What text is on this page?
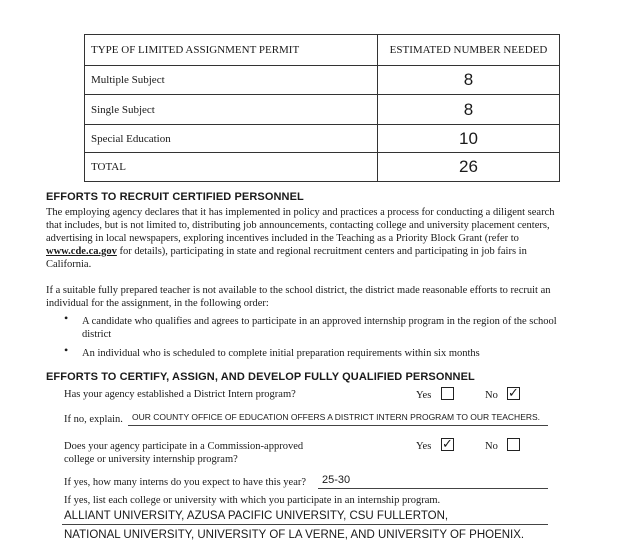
TYPE OF LIMITED ASSIGNMENT PERMIT	ESTIMATED NUMBER NEEDED
Multiple Subject	8
Single Subject	8
Special Education	10
TOTAL	26
EFFORTS TO RECRUIT CERTIFIED PERSONNEL
The employing agency declares that it has implemented in policy and practices a process for conducting a diligent search
that includes, but is not limited to, distributing job announcements, contacting college and university placement centers,
advertising in local newspapers, exploring incentives included in the Teaching as a Priority Block Grant (refer to
www.cde.ca.gov for details), participating in state and regional recruitment centers and participating in job fairs in
California.
If a suitable fully prepared teacher is not available to the school district, the district made reasonable efforts to recruit an
individual for the assignment, in the following order:
• A candidate who qualifies and agrees to participate in an approved internship program in the region of the school
district
• An individual who is scheduled to complete initial preparation requirements within six months
EFFORTS TO CERTIFY, ASSIGN, AND DEVELOP FULLY QUALIFIED PERSONNEL
Has your agency established a District Intern program?	Yes	No ✓
If no, explain. OUR COUNTY OFFICE OF EDUCATION OFFERS A DISTRICT INTERN PROGRAM TO OUR TEACHERS.
Does your agency participate in a Commission-approved
college or university internship program?
Yes ✓	No
If yes, how many interns do you expect to have this year? 25-30
If yes, list each college or university with which you participate in an internship program.
ALLIANT UNIVERSITY, AZUSA PACIFIC UNIVERSITY, CSU FULLERTON,
NATIONAL UNIVERSITY, UNIVERSITY OF LA VERNE, AND UNIVERSITY OF PHOENIX.
